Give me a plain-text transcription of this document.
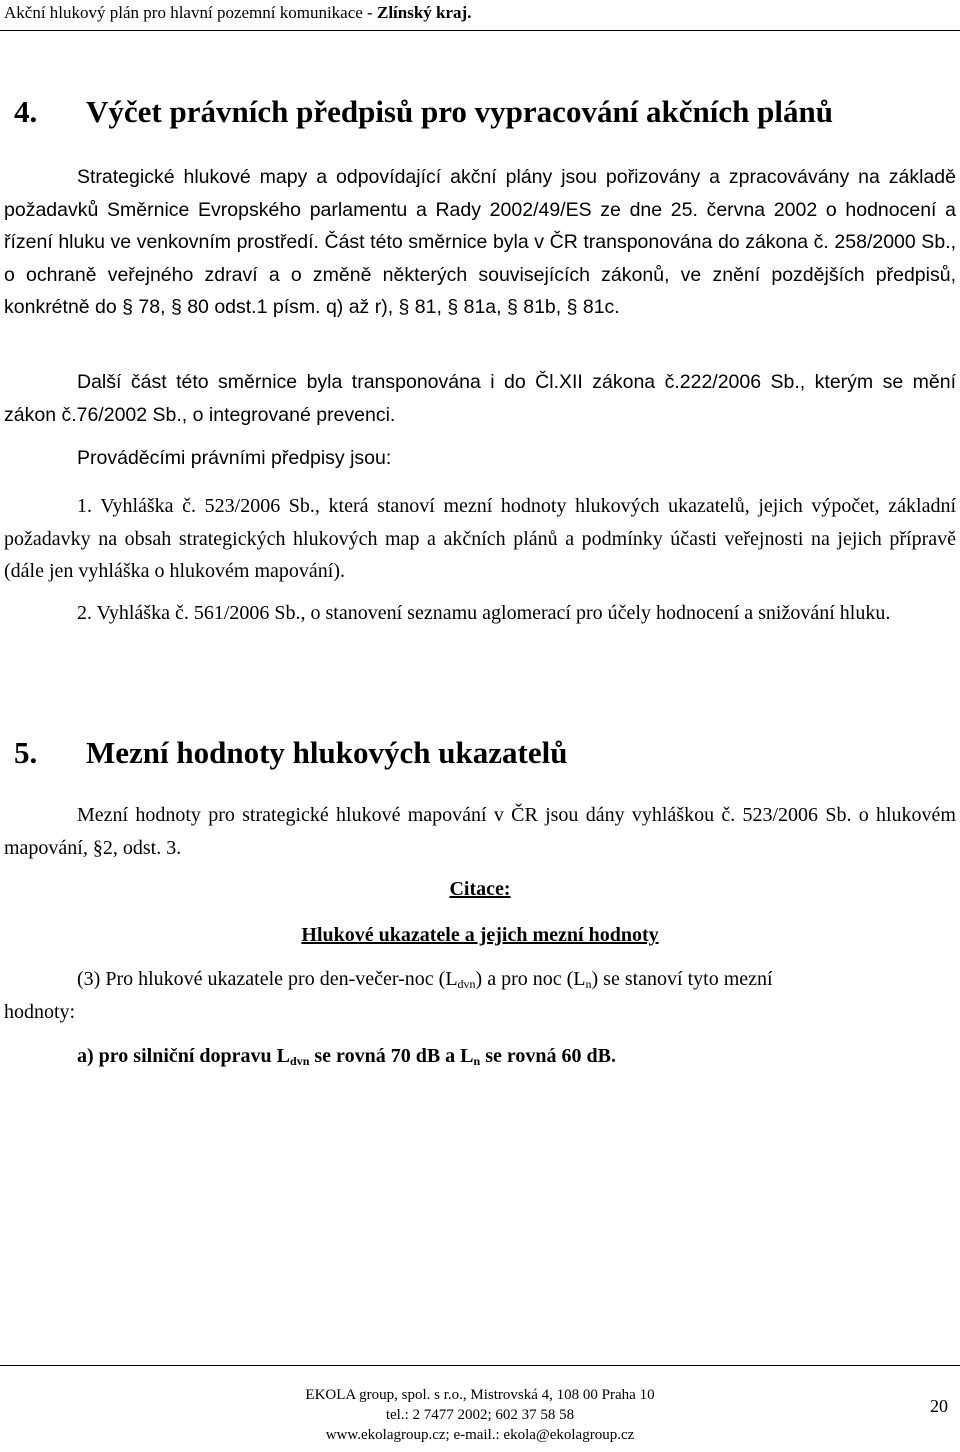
Akční hlukový plán pro hlavní pozemní komunikace - Zlínský kraj.
4. Výčet právních předpisů pro vypracování akčních plánů

Strategické hlukové mapy a odpovídající akční plány jsou pořizovány a zpracovávány na základě požadavků Směrnice Evropského parlamentu a Rady 2002/49/ES ze dne 25. června 2002 o hodnocení a řízení hluku ve venkovním prostředí. Část této směrnice byla v ČR transponována do zákona č. 258/2000 Sb., o ochraně veřejného zdraví a o změně některých souvisejících zákonů, ve znění pozdějších předpisů, konkrétně do § 78, § 80 odst.1 písm. q) až r), § 81, § 81a, § 81b, § 81c.

Další část této směrnice byla transponována i do Čl.XII zákona č.222/2006 Sb., kterým se mění zákon č.76/2002 Sb., o integrované prevenci.

Prováděcími právními předpisy jsou:

1. Vyhláška č. 523/2006 Sb., která stanoví mezní hodnoty hlukových ukazatelů, jejich výpočet, základní požadavky na obsah strategických hlukových map a akčních plánů a podmínky účasti veřejnosti na jejich přípravě (dále jen vyhláška o hlukovém mapování).

2. Vyhláška č. 561/2006 Sb., o stanovení seznamu aglomerací pro účely hodnocení a snižování hluku.

5. Mezní hodnoty hlukových ukazatelů

Mezní hodnoty pro strategické hlukové mapování v ČR jsou dány vyhláškou č. 523/2006 Sb. o hlukovém mapování, §2, odst. 3.

Citace:
Hlukové ukazatele a jejich mezní hodnoty
(3) Pro hlukové ukazatele pro den-večer-noc $(L_{dvn})$ a pro noc $(L_n)$ se stanoví tyto mezní
hodnoty:
a) pro silniční dopravu $L_{dvn}$ se rovná 70 dB a $L_n$ se rovná 60 dB.
EKOLA group, spol. s r.o., Mistrovská 4, 108 00 Praha 10
tel.: 2 7477 2002; 602 37 58 58
www.ekolagroup.cz; e-mail.: ekola@ekolagroup.cz
20
